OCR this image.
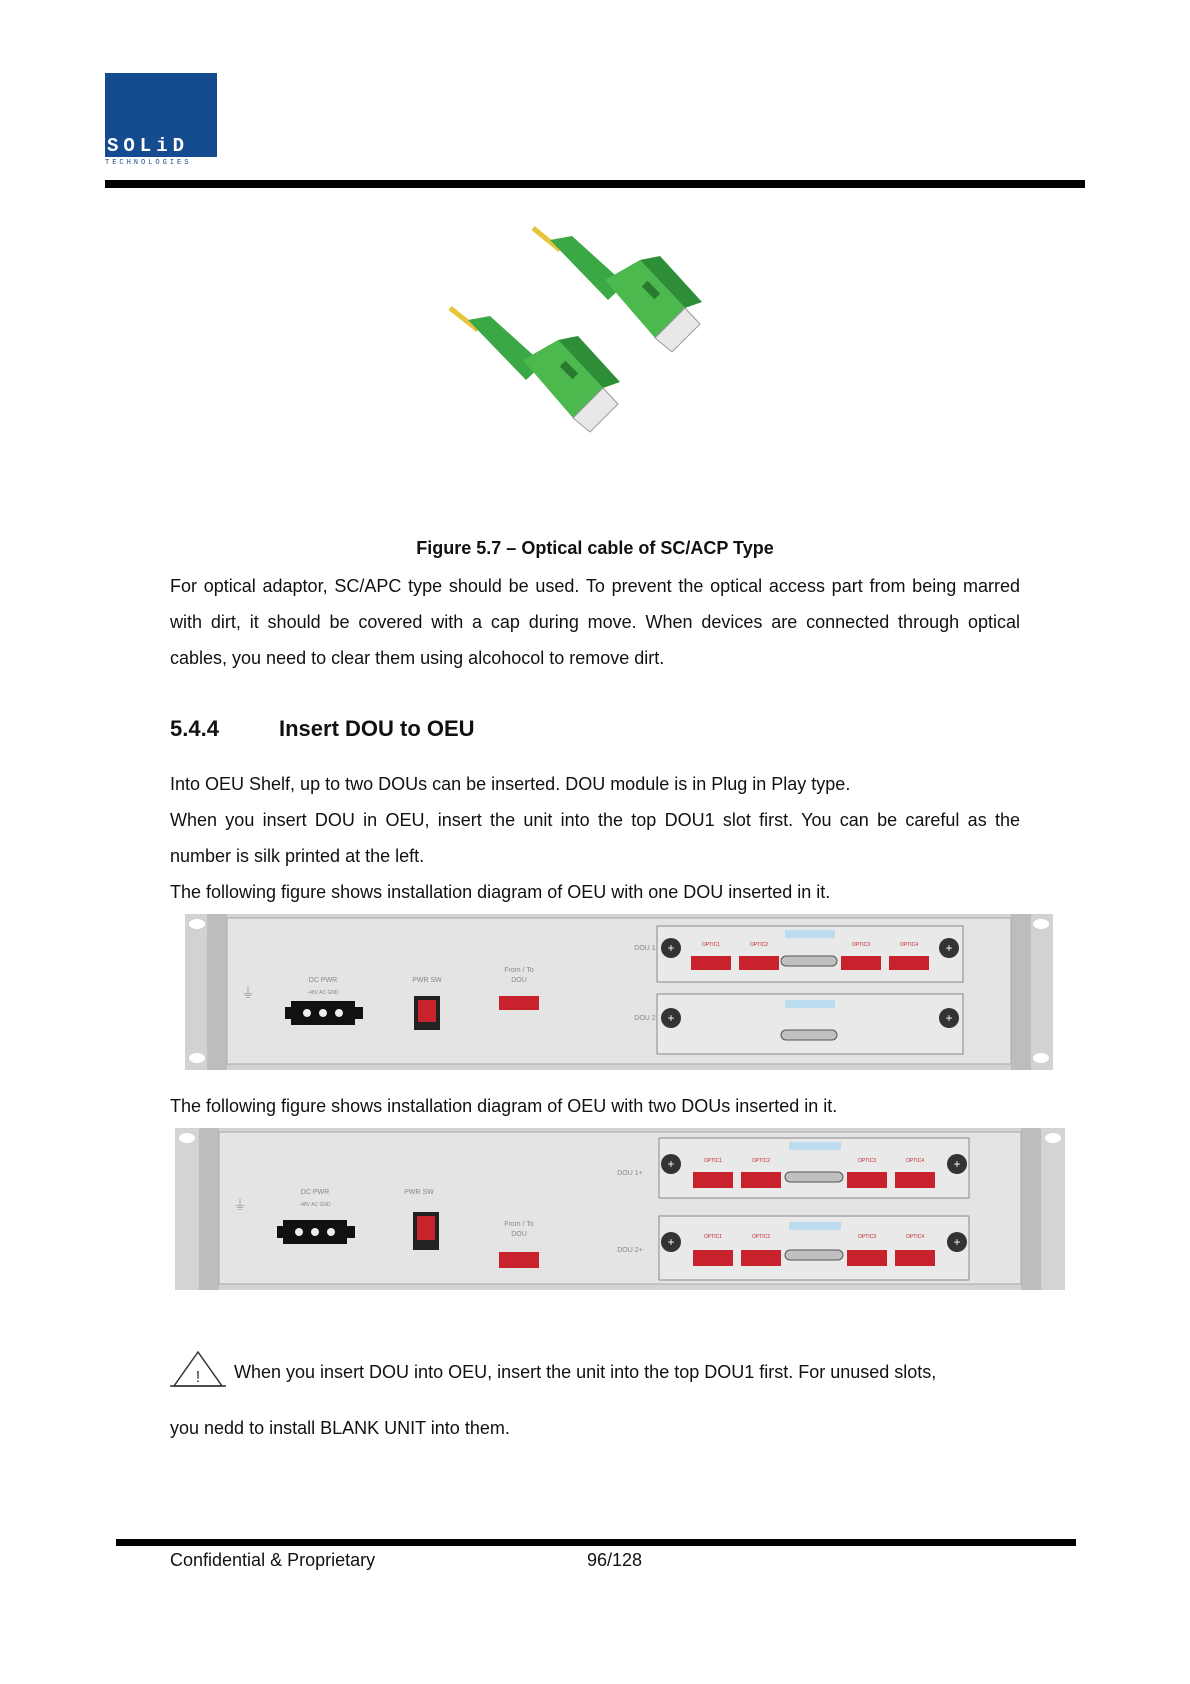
SOLiD
TECHNOLOGIES
Figure 5.7 – Optical cable of SC/ACP Type

For optical adaptor, SC/APC type should be used. To prevent the optical access part from being marred with dirt, it should be covered with a cap during move. When devices are connected through optical cables, you need to clear them using alcohocol to remove dirt.

5.4.4	Insert DOU to OEU

Into OEU Shelf, up to two DOUs can be inserted. DOU module is in Plug in Play type.

When you insert DOU in OEU, insert the unit into the top DOU1 slot first. You can be careful as the number is silk printed at the left.

The following figure shows installation diagram of OEU with one DOU inserted in it.

⏚
DC PWR
-48V AC GND
PWR SW
From / To
DOU
DOU 1 +	+
OPTIC1	OPTIC2	OPTIC3	OPTIC4
DOU 2 +	+

The following figure shows installation diagram of OEU with two DOUs inserted in it.

⏚
DC PWR
-48V AC GND
PWR SW
From / To
DOU
DOU 1+
+	+
OPTIC1	OPTIC2	OPTIC3	OPTIC4
DOU 2+
+	+
OPTIC1	OPTIC2	OPTIC3	OPTIC4
! When you insert DOU into OEU, insert the unit into the top DOU1 first. For unused slots,
you nedd to install BLANK UNIT into them.
Confidential & Proprietary	96/128
